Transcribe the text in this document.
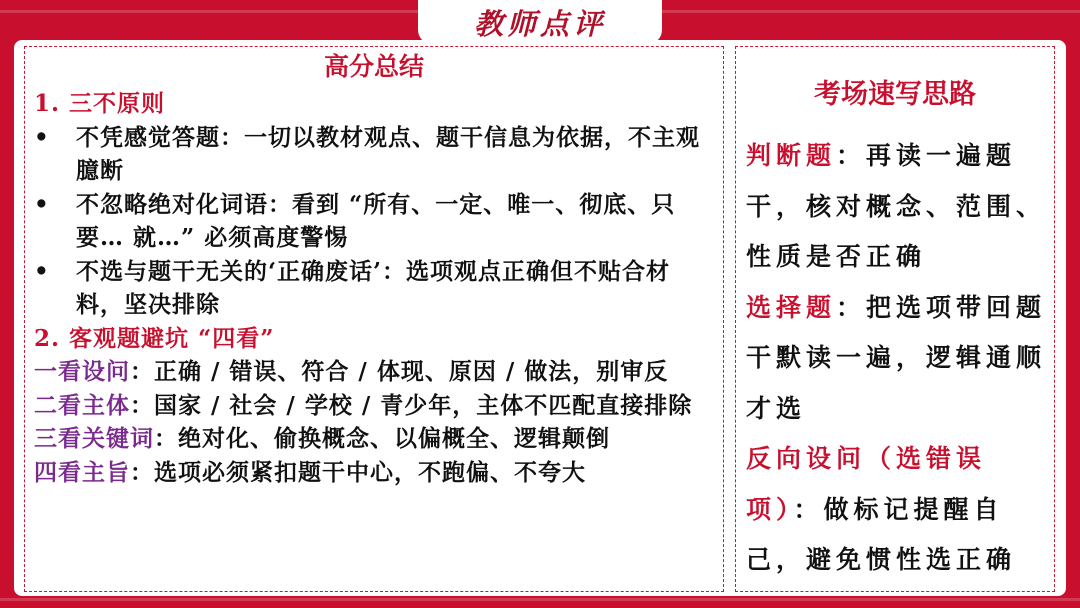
高分总结
1. 三不原则
• 不凭感觉答题：一切以教材观点、题干信息为依据，不主观臆断
• 不忽略绝对化词语：看到 “所有、一定、唯一、彻底、只要… 就…” 必须高度警惕
• 不选与题干无关的‘正确废话’：选项观点正确但不贴合材料，坚决排除
2. 客观题避坑 “四看”
一看设问：正确 / 错误、符合 / 体现、原因 / 做法，别审反
二看主体：国家 / 社会 / 学校 / 青少年，主体不匹配直接排除
三看关键词：绝对化、偷换概念、以偏概全、逻辑颠倒
四看主旨：选项必须紧扣题干中心，不跑偏、不夸大
考场速写思路
判断题：再读一遍题干，核对概念、范围、性质是否正确
选择题：把选项带回题干默读一遍，逻辑通顺才选
反向设问（选错误项）：做标记提醒自己，避免惯性选正确
教师点评
